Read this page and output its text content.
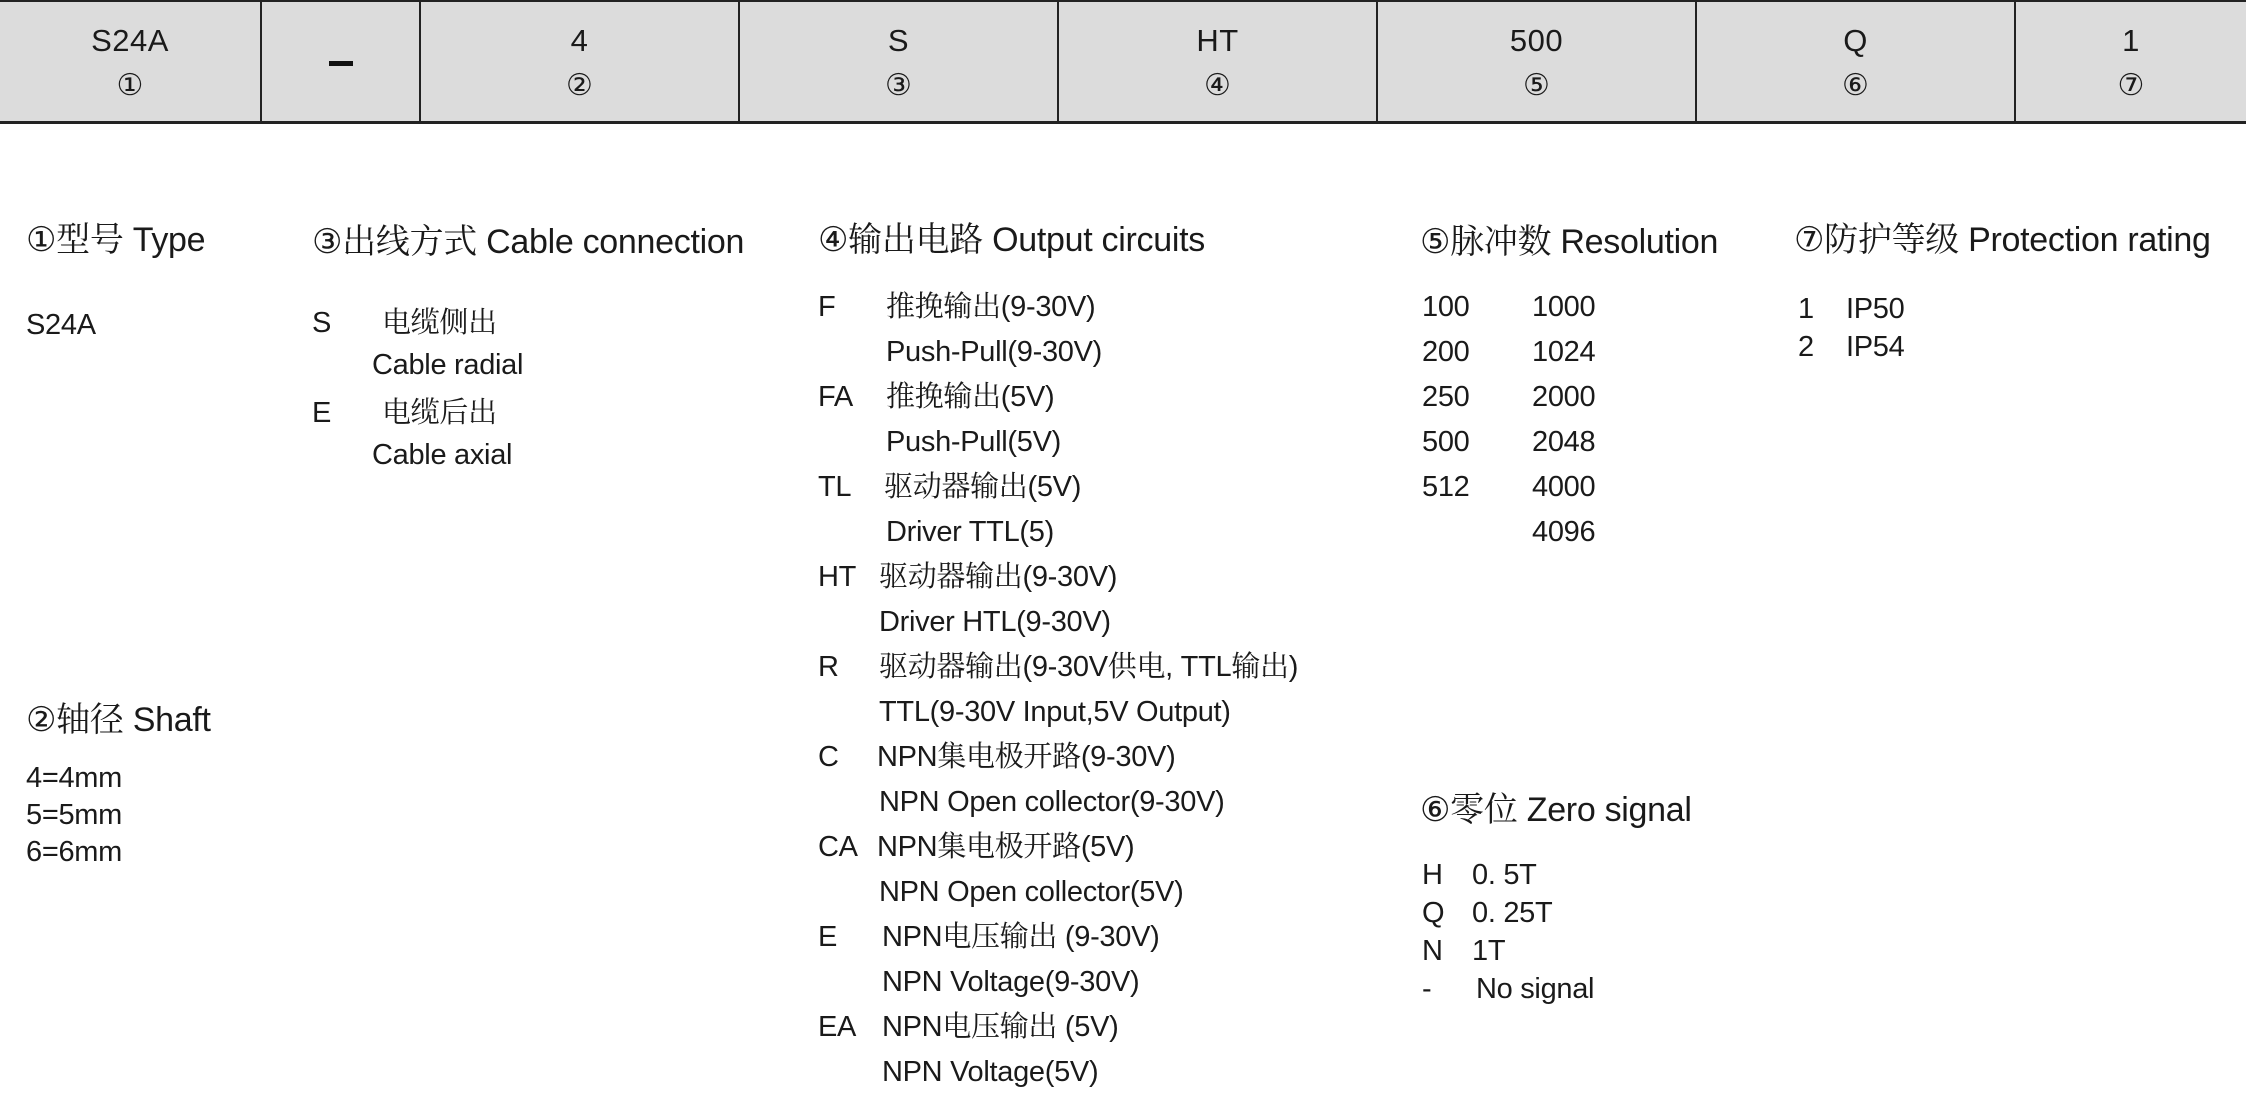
S24A
①
4
②
S
③
HT
④
500
⑤
Q
⑥
1
⑦
①型号 Type
S24A
②轴径 Shaft
4=4mm
5=5mm
6=6mm
③出线方式 Cable connection
S 电缆侧出
Cable radial
E 电缆后出
Cable axial
④输出电路 Output circuits
F 推挽输出(9-30V)
Push-Pull(9-30V)
FA 推挽输出(5V)
Push-Pull(5V)
TL 驱动器输出(5V)
Driver TTL(5)
HT 驱动器输出(9-30V)
Driver HTL(9-30V)
R 驱动器输出(9-30V供电, TTL输出)
TTL(9-30V Input,5V Output)
C NPN集电极开路(9-30V)
NPN Open collector(9-30V)
CA NPN集电极开路(5V)
NPN Open collector(5V)
E NPN电压输出 (9-30V)
NPN Voltage(9-30V)
EA NPN电压输出 (5V)
NPN Voltage(5V)
⑤脉冲数 Resolution
100
200
250
500
512
1000
1024
2000
2048
4000
4096
⑥零位 Zero signal
H 0. 5T
Q 0. 25T
N 1T
- No signal
⑦防护等级 Protection rating
1 IP50
2 IP54
